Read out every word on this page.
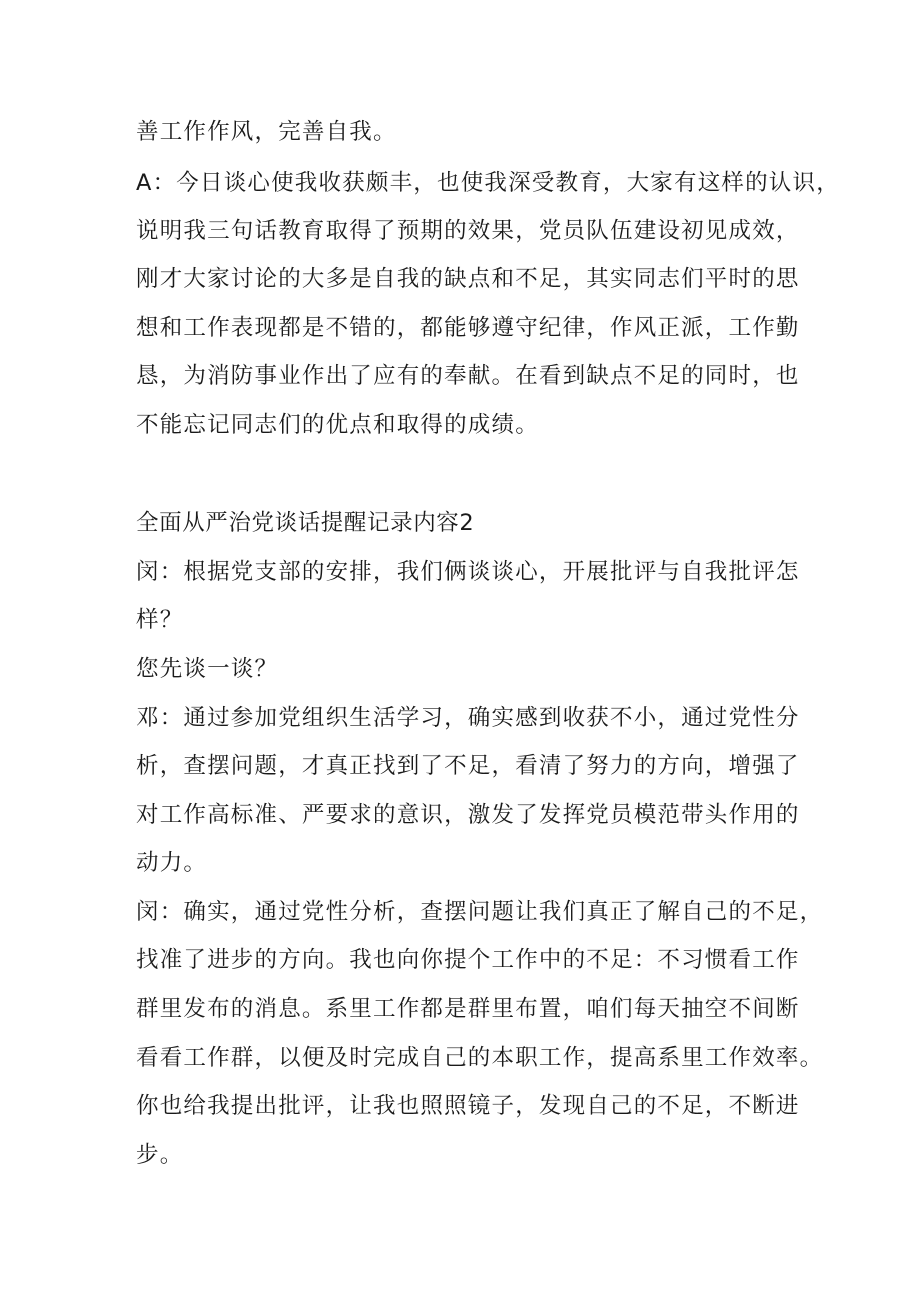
善工作作风，完善自我。
A：今日谈心使我收获颇丰，也使我深受教育，大家有这样的认识，
说明我三句话教育取得了预期的效果，党员队伍建设初见成效，
刚才大家讨论的大多是自我的缺点和不足，其实同志们平时的思
想和工作表现都是不错的，都能够遵守纪律，作风正派，工作勤
恳，为消防事业作出了应有的奉献。在看到缺点不足的同时，也
不能忘记同志们的优点和取得的成绩。
全面从严治党谈话提醒记录内容2
闵：根据党支部的安排，我们俩谈谈心，开展批评与自我批评怎
样？
您先谈一谈？
邓：通过参加党组织生活学习，确实感到收获不小，通过党性分
析，查摆问题，才真正找到了不足，看清了努力的方向，增强了
对工作高标准、严要求的意识，激发了发挥党员模范带头作用的
动力。
闵：确实，通过党性分析，查摆问题让我们真正了解自己的不足，
找准了进步的方向。我也向你提个工作中的不足：不习惯看工作
群里发布的消息。系里工作都是群里布置，咱们每天抽空不间断
看看工作群，以便及时完成自己的本职工作，提高系里工作效率。
你也给我提出批评，让我也照照镜子，发现自己的不足，不断进
步。
